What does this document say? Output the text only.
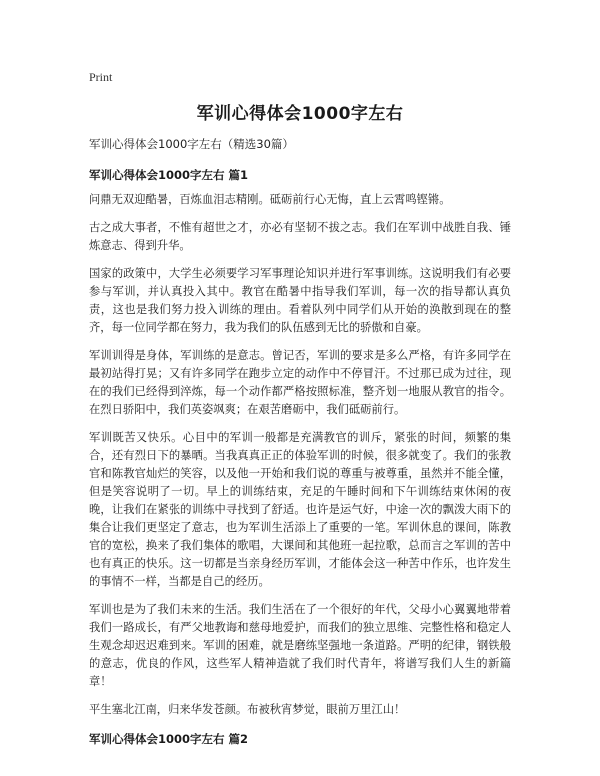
Print
军训心得体会1000字左右
军训心得体会1000字左右（精选30篇）
军训心得体会1000字左右 篇1

问鼎无双迎酷暑，百炼血泪志精刚。砥砺前行心无悔，直上云霄鸣铿锵。

古之成大事者，不惟有超世之才，亦必有坚韧不拔之志。我们在军训中战胜自我、锤炼意志、得到升华。

国家的政策中，大学生必须要学习军事理论知识并进行军事训练。这说明我们有必要参与军训，并认真投入其中。教官在酷暑中指导我们军训，每一次的指导都认真负责，这也是我们努力投入训练的理由。看着队列中同学们从开始的涣散到现在的整齐，每一位同学都在努力，我为我们的队伍感到无比的骄傲和自豪。

军训训得是身体，军训练的是意志。曾记否，军训的要求是多么严格，有许多同学在最初站得打晃；又有许多同学在跑步立定的动作中不停冒汗。不过那已成为过往，现在的我们已经得到淬炼，每一个动作都严格按照标准，整齐划一地服从教官的指令。在烈日骄阳中，我们英姿飒爽；在艰苦磨砺中，我们砥砺前行。

军训既苦又快乐。心目中的军训一般都是充满教官的训斥，紧张的时间，频繁的集合，还有烈日下的暴晒。当我真真正正的体验军训的时候，很多就变了。我们的张教官和陈教官灿烂的笑容，以及他一开始和我们说的尊重与被尊重，虽然并不能全懂，但是笑容说明了一切。早上的训练结束，充足的午睡时间和下午训练结束休闲的夜晚，让我们在紧张的训练中寻找到了舒适。也许是运气好，中途一次的飘泼大雨下的集合让我们更坚定了意志，也为军训生活添上了重要的一笔。军训休息的课间，陈教官的宽松，换来了我们集体的歌唱，大课间和其他班一起拉歌，总而言之军训的苦中也有真正的快乐。这一切都是当亲身经历军训，才能体会这一种苦中作乐，也许发生的事情不一样，当都是自己的经历。

军训也是为了我们未来的生活。我们生活在了一个很好的年代，父母小心翼翼地带着我们一路成长，有严父地教诲和慈母地爱护，而我们的独立思维、完整性格和稳定人生观念却迟迟难到来。军训的困难，就是磨练坚强地一条道路。严明的纪律，钢铁般的意志，优良的作风，这些军人精神造就了我们时代青年，将谱写我们人生的新篇章！

平生塞北江南，归来华发苍颜。布被秋宵梦觉，眼前万里江山！

军训心得体会1000字左右 篇2
